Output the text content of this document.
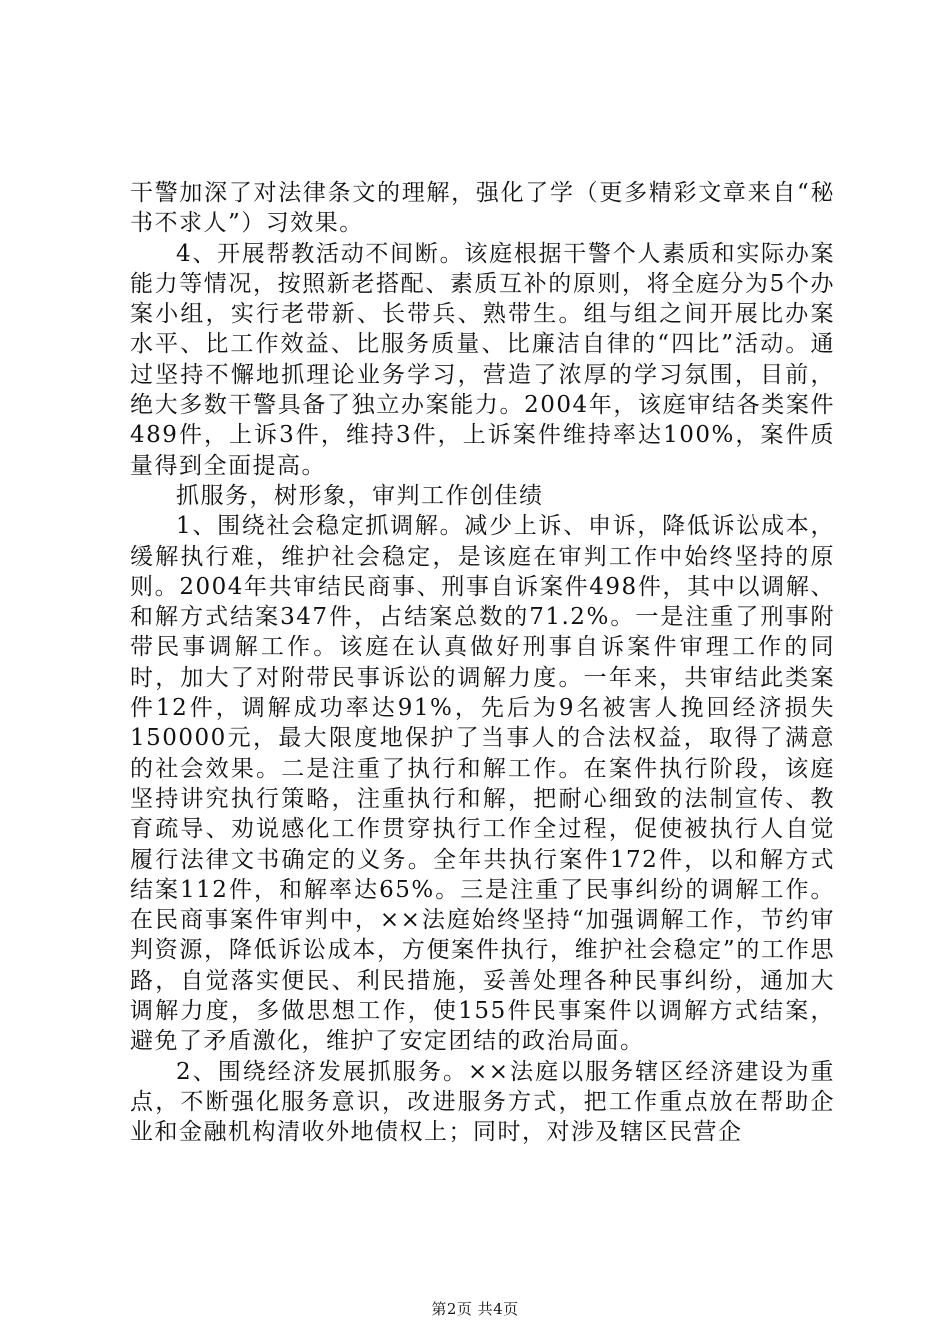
干警加深了对法律条文的理解，强化了学（更多精彩文章来自“秘书不求人”）习效果。

4、开展帮教活动不间断。该庭根据干警个人素质和实际办案能力等情况，按照新老搭配、素质互补的原则，将全庭分为5个办案小组，实行老带新、长带兵、熟带生。组与组之间开展比办案水平、比工作效益、比服务质量、比廉洁自律的“四比”活动。通过坚持不懈地抓理论业务学习，营造了浓厚的学习氛围，目前，绝大多数干警具备了独立办案能力。2004年，该庭审结各类案件489件，上诉3件，维持3件，上诉案件维持率达100%，案件质量得到全面提高。

抓服务，树形象，审判工作创佳绩

1、围绕社会稳定抓调解。减少上诉、申诉，降低诉讼成本，缓解执行难，维护社会稳定，是该庭在审判工作中始终坚持的原则。2004年共审结民商事、刑事自诉案件498件，其中以调解、和解方式结案347件，占结案总数的71.2%。一是注重了刑事附带民事调解工作。该庭在认真做好刑事自诉案件审理工作的同时，加大了对附带民事诉讼的调解力度。一年来，共审结此类案件12件，调解成功率达91%，先后为9名被害人挽回经济损失150000元，最大限度地保护了当事人的合法权益，取得了满意的社会效果。二是注重了执行和解工作。在案件执行阶段，该庭坚持讲究执行策略，注重执行和解，把耐心细致的法制宣传、教育疏导、劝说感化工作贯穿执行工作全过程，促使被执行人自觉履行法律文书确定的义务。全年共执行案件172件，以和解方式结案112件，和解率达65%。三是注重了民事纠纷的调解工作。在民商事案件审判中，××法庭始终坚持“加强调解工作，节约审判资源，降低诉讼成本，方便案件执行，维护社会稳定”的工作思路，自觉落实便民、利民措施，妥善处理各种民事纠纷，通加大调解力度，多做思想工作，使155件民事案件以调解方式结案，避免了矛盾激化，维护了安定团结的政治局面。

2、围绕经济发展抓服务。××法庭以服务辖区经济建设为重点，不断强化服务意识，改进服务方式，把工作重点放在帮助企业和金融机构清收外地债权上；同时，对涉及辖区民营企

第2页 共4页
